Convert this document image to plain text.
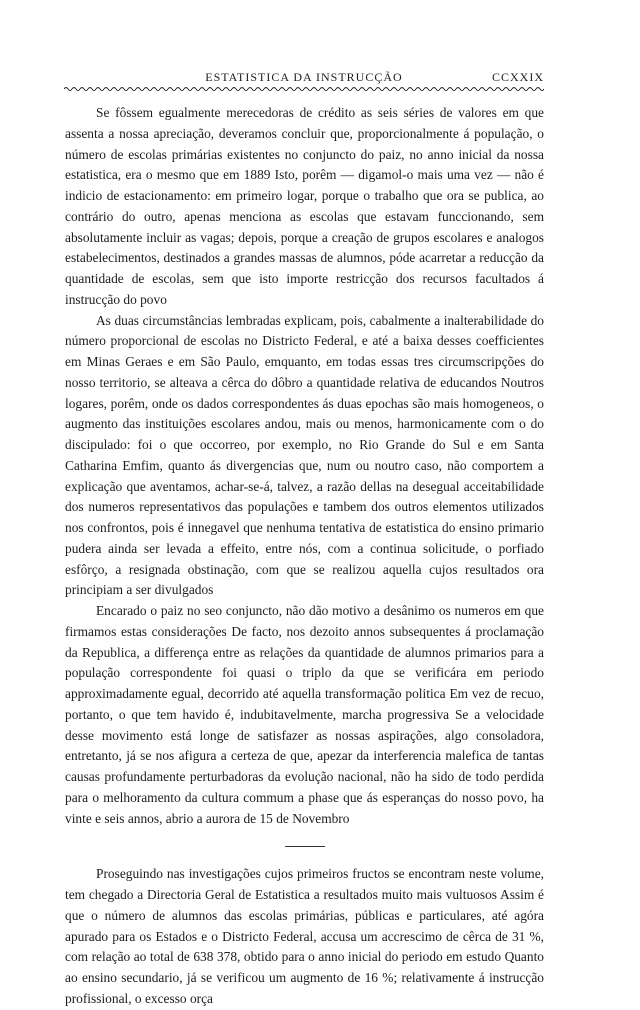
ESTATISTICA DA INSTRUCÇÃO	CCXXIX

Se fôssem egualmente merecedoras de crédito as seis séries de valores em que assenta a nossa apreciação, deveramos concluir que, proporcionalmente á população, o número de escolas primárias existentes no conjuncto do paiz, no anno inicial da nossa estatistica, era o mesmo que em 1889 Isto, porêm — digamol-o mais uma vez — não é indicio de estacionamento: em primeiro logar, porque o trabalho que ora se publica, ao contrário do outro, apenas menciona as escolas que estavam funccionando, sem absolutamente incluir as vagas; depois, porque a creação de grupos escolares e analogos estabelecimentos, destinados a grandes massas de alumnos, póde acarretar a reducção da quantidade de escolas, sem que isto importe restricção dos recursos facultados á instrucção do povo

As duas circumstâncias lembradas explicam, pois, cabalmente a inalterabilidade do número proporcional de escolas no Districto Federal, e até a baixa desses coefficientes em Minas Geraes e em São Paulo, emquanto, em todas essas tres circumscripções do nosso territorio, se alteava a cêrca do dôbro a quantidade relativa de educandos Noutros logares, porêm, onde os dados correspondentes ás duas epochas são mais homogeneos, o augmento das instituições escolares andou, mais ou menos, harmonicamente com o do discipulado: foi o que occorreo, por exemplo, no Rio Grande do Sul e em Santa Catharina Emfim, quanto ás divergencias que, num ou noutro caso, não comportem a explicação que aventamos, achar-se-á, talvez, a razão dellas na desegual acceitabilidade dos numeros representativos das populações e tambem dos outros elementos utilizados nos confrontos, pois é innegavel que nenhuma tentativa de estatistica do ensino primario pudera ainda ser levada a effeito, entre nós, com a continua solicitude, o porfiado esfôrço, a resignada obstinação, com que se realizou aquella cujos resultados ora principiam a ser divulgados

Encarado o paiz no seo conjuncto, não dão motivo a desânimo os numeros em que firmamos estas considerações De facto, nos dezoito annos subsequentes á proclamação da Republica, a differença entre as relações da quantidade de alumnos primarios para a população correspondente foi quasi o triplo da que se verificára em periodo approximadamente egual, decorrido até aquella transformação politica Em vez de recuo, portanto, o que tem havido é, indubitavelmente, marcha progressiva Se a velocidade desse movimento está longe de satisfazer as nossas aspirações, algo consoladora, entretanto, já se nos afigura a certeza de que, apezar da interferencia malefica de tantas causas profundamente perturbadoras da evolução nacional, não ha sido de todo perdida para o melhoramento da cultura commum a phase que ás esperanças do nosso povo, ha vinte e seis annos, abrio a aurora de 15 de Novembro

Proseguindo nas investigações cujos primeiros fructos se encontram neste volume, tem chegado a Directoria Geral de Estatistica a resultados muito mais vultuosos Assim é que o número de alumnos das escolas primárias, públicas e particulares, até agóra apurado para os Estados e o Districto Federal, accusa um accrescimo de cêrca de 31 %, com relação ao total de 638 378, obtido para o anno inicial do periodo em estudo Quanto ao ensino secundario, já se verificou um augmento de 16 %; relativamente á instrucção profissional, o excesso orça
